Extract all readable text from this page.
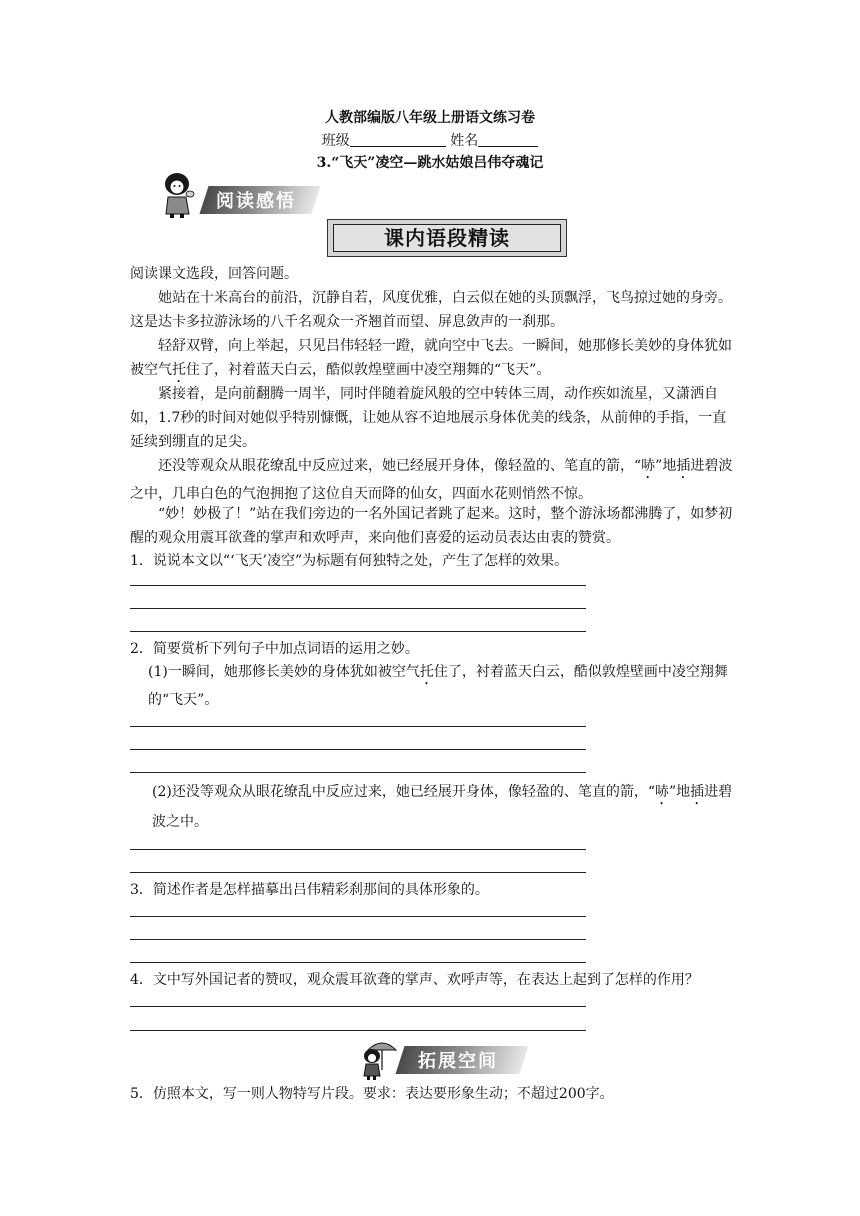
人教部编版八年级上册语文练习卷
班级	姓名
3.“飞天”凌空—跳水姑娘吕伟夺魂记
阅读感悟
课内语段精读
阅读课文选段，回答问题。
她站在十米高台的前沿，沉静自若，风度优雅，白云似在她的头顶飘浮，飞鸟掠过她的身旁。这是达卡多拉游泳场的八千名观众一齐翘首而望、屏息敛声的一刹那。
轻舒双臂，向上举起，只见吕伟轻轻一蹬，就向空中飞去。一瞬间，她那修长美妙的身体犹如被空气托住了，衬着蓝天白云，酷似敦煌壁画中凌空翔舞的“飞天”。
紧接着，是向前翻腾一周半，同时伴随着旋风般的空中转体三周，动作疾如流星，又潇洒自如，1.7秒的时间对她似乎特别慷慨，让她从容不迫地展示身体优美的线条，从前伸的手指，一直延续到绷直的足尖。
还没等观众从眼花缭乱中反应过来，她已经展开身体，像轻盈的、笔直的箭，“哧”地插进碧波之中，几串白色的气泡拥抱了这位自天而降的仙女，四面水花则悄然不惊。
“妙！妙极了！”站在我们旁边的一名外国记者跳了起来。这时，整个游泳场都沸腾了，如梦初醒的观众用震耳欲聋的掌声和欢呼声，来向他们喜爱的运动员表达由衷的赞赏。
1．说说本文以“‘飞天’凌空”为标题有何独特之处，产生了怎样的效果。
2．简要赏析下列句子中加点词语的运用之妙。
(1)一瞬间，她那修长美妙的身体犹如被空气托住了，衬着蓝天白云，酷似敦煌壁画中凌空翔舞的“飞天”。
(2)还没等观众从眼花缭乱中反应过来，她已经展开身体，像轻盈的、笔直的箭，“哧”地插进碧波之中。
3．简述作者是怎样描摹出吕伟精彩刹那间的具体形象的。
4．文中写外国记者的赞叹，观众震耳欲聋的掌声、欢呼声等，在表达上起到了怎样的作用？
拓展空间
5．仿照本文，写一则人物特写片段。要求：表达要形象生动；不超过200字。
